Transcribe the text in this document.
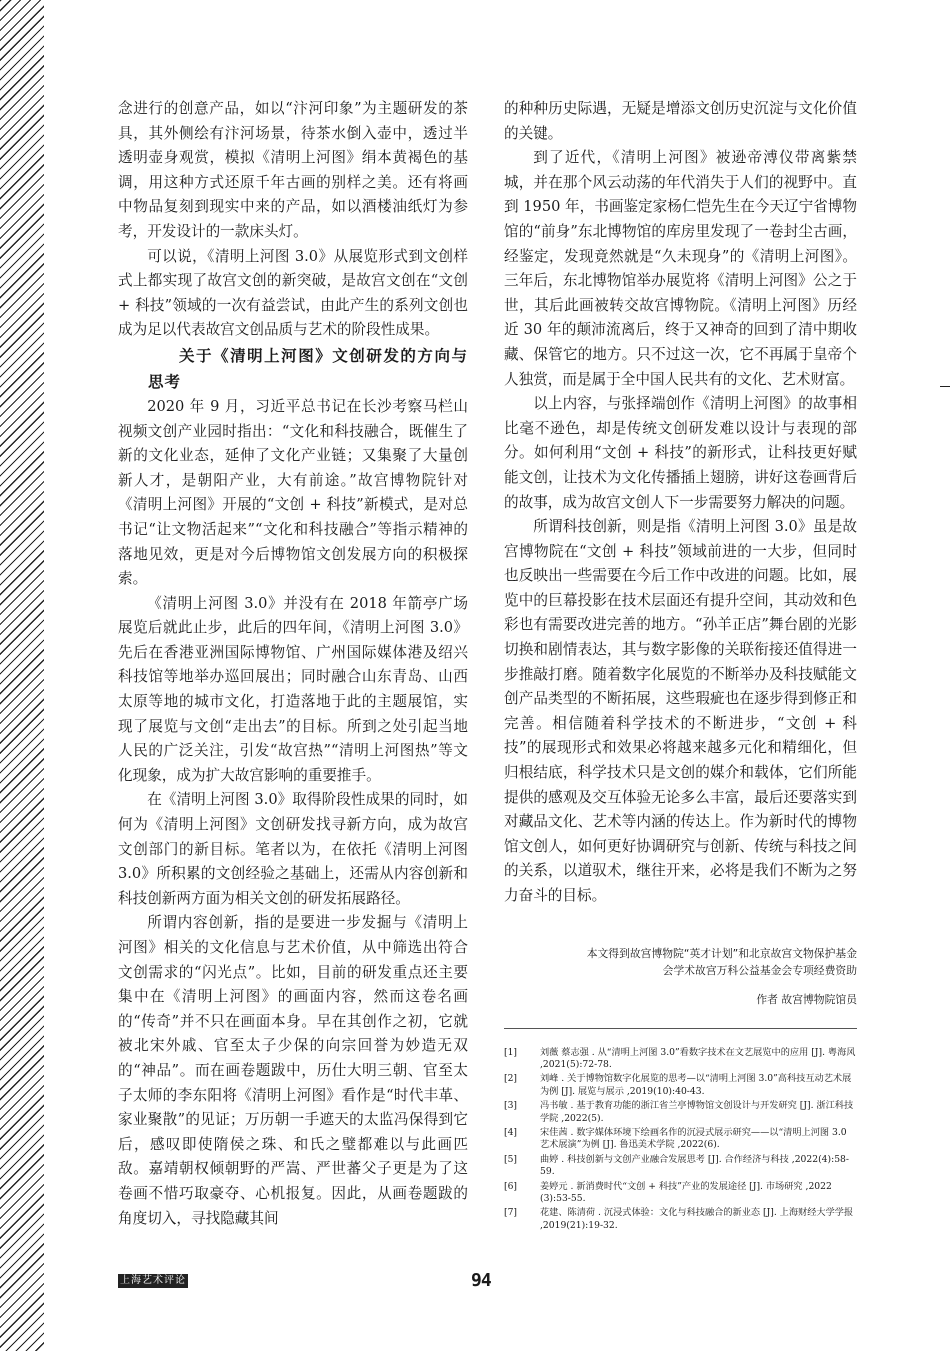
念进行的创意产品，如以“汴河印象”为主题研发的茶具，其外侧绘有汴河场景，待茶水倒入壶中，透过半透明壶身观赏，模拟《清明上河图》绢本黄褐色的基调，用这种方式还原千年古画的别样之美。还有将画中物品复刻到现实中来的产品，如以酒楼油纸灯为参考，开发设计的一款床头灯。

可以说，《清明上河图 3.0》从展览形式到文创样式上都实现了故宫文创的新突破，是故宫文创在“文创 + 科技”领域的一次有益尝试，由此产生的系列文创也成为足以代表故宫文创品质与艺术的阶段性成果。

关于《清明上河图》文创研发的方向与思考

2020 年 9 月，习近平总书记在长沙考察马栏山视频文创产业园时指出：“文化和科技融合，既催生了新的文化业态，延伸了文化产业链；又集聚了大量创新人才，是朝阳产业，大有前途。”故宫博物院针对《清明上河图》开展的“文创 + 科技”新模式，是对总书记“让文物活起来”“文化和科技融合”等指示精神的落地见效，更是对今后博物馆文创发展方向的积极探索。

《清明上河图 3.0》并没有在 2018 年箭亭广场展览后就此止步，此后的四年间，《清明上河图 3.0》先后在香港亚洲国际博物馆、广州国际媒体港及绍兴科技馆等地举办巡回展出；同时融合山东青岛、山西太原等地的城市文化，打造落地于此的主题展馆，实现了展览与文创“走出去”的目标。所到之处引起当地人民的广泛关注，引发“故宫热”“清明上河图热”等文化现象，成为扩大故宫影响的重要推手。

在《清明上河图 3.0》取得阶段性成果的同时，如何为《清明上河图》文创研发找寻新方向，成为故宫文创部门的新目标。笔者以为，在依托《清明上河图 3.0》所积累的文创经验之基础上，还需从内容创新和科技创新两方面为相关文创的研发拓展路径。

所谓内容创新，指的是要进一步发掘与《清明上河图》相关的文化信息与艺术价值，从中筛选出符合文创需求的“闪光点”。比如，目前的研发重点还主要集中在《清明上河图》的画面内容，然而这卷名画的“传奇”并不只在画面本身。早在其创作之初，它就被北宋外戚、官至太子少保的向宗回誉为妙造无双的“神品”。而在画卷题跋中，历仕大明三朝、官至太子太师的李东阳将《清明上河图》看作是“时代丰革、家业聚散”的见证；万历朝一手遮天的太监冯保得到它后，感叹即使隋侯之珠、和氏之璧都难以与此画匹敌。嘉靖朝权倾朝野的严嵩、严世蕃父子更是为了这卷画不惜巧取豪夺、心机报复。因此，从画卷题跋的角度切入，寻找隐藏其间

的种种历史际遇，无疑是增添文创历史沉淀与文化价值的关键。

到了近代，《清明上河图》被逊帝溥仪带离紫禁城，并在那个风云动荡的年代消失于人们的视野中。直到 1950 年，书画鉴定家杨仁恺先生在今天辽宁省博物馆的“前身”东北博物馆的库房里发现了一卷封尘古画，经鉴定，发现竟然就是“久未现身”的《清明上河图》。三年后，东北博物馆举办展览将《清明上河图》公之于世，其后此画被转交故宫博物院。《清明上河图》历经近 30 年的颠沛流离后，终于又神奇的回到了清中期收藏、保管它的地方。只不过这一次，它不再属于皇帝个人独赏，而是属于全中国人民共有的文化、艺术财富。

以上内容，与张择端创作《清明上河图》的故事相比毫不逊色，却是传统文创研发难以设计与表现的部分。如何利用“文创 + 科技”的新形式，让科技更好赋能文创，让技术为文化传播插上翅膀，讲好这卷画背后的故事，成为故宫文创人下一步需要努力解决的问题。

所谓科技创新，则是指《清明上河图 3.0》虽是故宫博物院在“文创 + 科技”领域前进的一大步，但同时也反映出一些需要在今后工作中改进的问题。比如，展览中的巨幕投影在技术层面还有提升空间，其动效和色彩也有需要改进完善的地方。“孙羊正店”舞台剧的光影切换和剧情表达，其与数字影像的关联衔接还值得进一步推敲打磨。随着数字化展览的不断举办及科技赋能文创产品类型的不断拓展，这些瑕疵也在逐步得到修正和完善。相信随着科学技术的不断进步，“文创 + 科技”的展现形式和效果必将越来越多元化和精细化，但归根结底，科学技术只是文创的媒介和载体，它们所能提供的感观及交互体验无论多么丰富，最后还要落实到对藏品文化、艺术等内涵的传达上。作为新时代的博物馆文创人，如何更好协调研究与创新、传统与科技之间的关系，以道驭术，继往开来，必将是我们不断为之努力奋斗的目标。

本文得到故宫博物院“英才计划”和北京故宫文物保护基金
会学术故宫万科公益基金会专项经费资助
作者 故宫博物院馆员
[1]	刘薇 蔡志强 . 从“清明上河图 3.0”看数字技术在文艺展览中的应用 [J]. 粤海风 ,2021(5):72-78.
[2]	刘峰 . 关于博物馆数字化展览的思考—以“清明上河图 3.0”高科技互动艺术展为例 [J]. 展览与展示 ,2019(10):40-43.
[3]	冯书敏 . 基于教育功能的浙江省兰亭博物馆文创设计与开发研究 [J]. 浙江科技学院 ,2022(5).
[4]	宋佳茜 . 数字媒体环境下绘画名作的沉浸式展示研究——以“清明上河图 3.0 艺术展演”为例 [J]. 鲁迅美术学院 ,2022(6).
[5]	曲婷 . 科技创新与文创产业融合发展思考 [J]. 合作经济与科技 ,2022(4):58-59.
[6]	姜婷元 . 新消费时代“文创 + 科技”产业的发展途径 [J]. 市场研究 ,2022 (3):53-55.
[7]	花建、陈清荷 . 沉浸式体验：文化与科技融合的新业态 [J]. 上海财经大学学报 ,2019(21):19-32.
上海艺术评论	94
